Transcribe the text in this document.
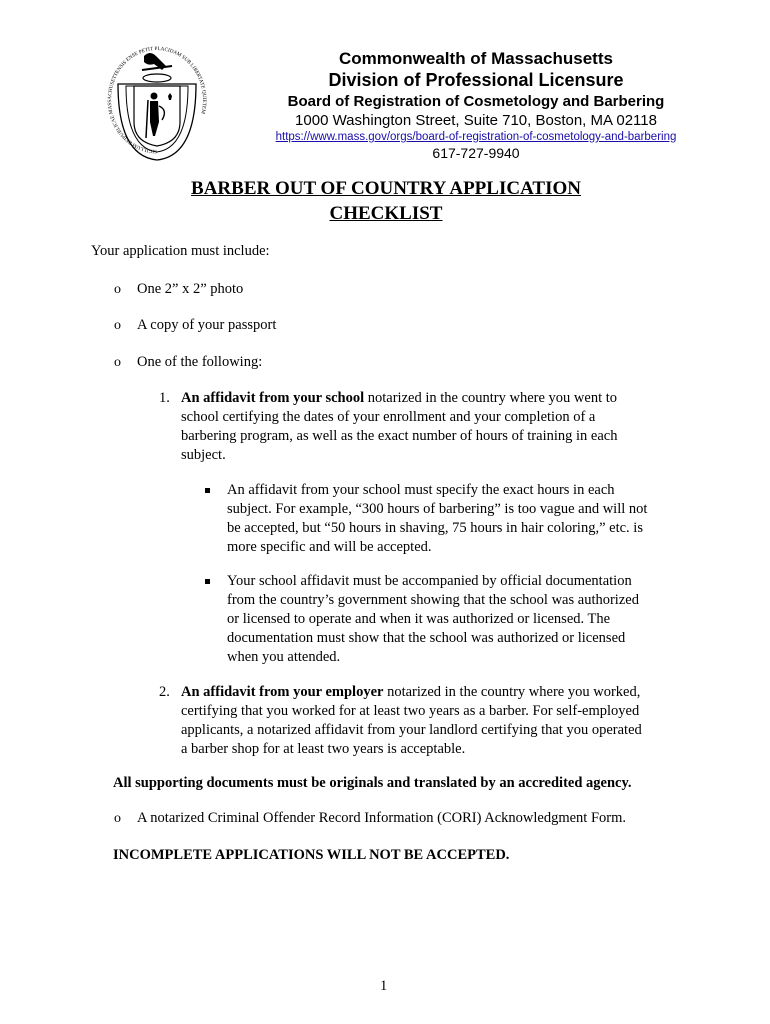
SIGILLUM REIPUBLICAE MASSACHUSETTENSIS ENSE PETIT PLACIDAM SUB LIBERTATE QUIETEM
Commonwealth of Massachusetts
Division of Professional Licensure
Board of Registration of Cosmetology and Barbering
1000 Washington Street, Suite 710, Boston, MA 02118
https://www.mass.gov/orgs/board-of-registration-of-cosmetology-and-barbering
617-727-9940
BARBER OUT OF COUNTRY APPLICATION
CHECKLIST
Your application must include:
o One 2” x 2” photo
o A copy of your passport
o One of the following:
1. An affidavit from your school notarized in the country where you went to
school certifying the dates of your enrollment and your completion of a
barbering program, as well as the exact number of hours of training in each
subject.
An affidavit from your school must specify the exact hours in each
subject. For example, “300 hours of barbering” is too vague and will not
be accepted, but “50 hours in shaving, 75 hours in hair coloring,” etc. is
more specific and will be accepted.
Your school affidavit must be accompanied by official documentation
from the country’s government showing that the school was authorized
or licensed to operate and when it was authorized or licensed. The
documentation must show that the school was authorized or licensed
when you attended.
2. An affidavit from your employer notarized in the country where you worked,
certifying that you worked for at least two years as a barber. For self-employed
applicants, a notarized affidavit from your landlord certifying that you operated
a barber shop for at least two years is acceptable.
All supporting documents must be originals and translated by an accredited agency.
o A notarized Criminal Offender Record Information (CORI) Acknowledgment Form.
INCOMPLETE APPLICATIONS WILL NOT BE ACCEPTED.
1
